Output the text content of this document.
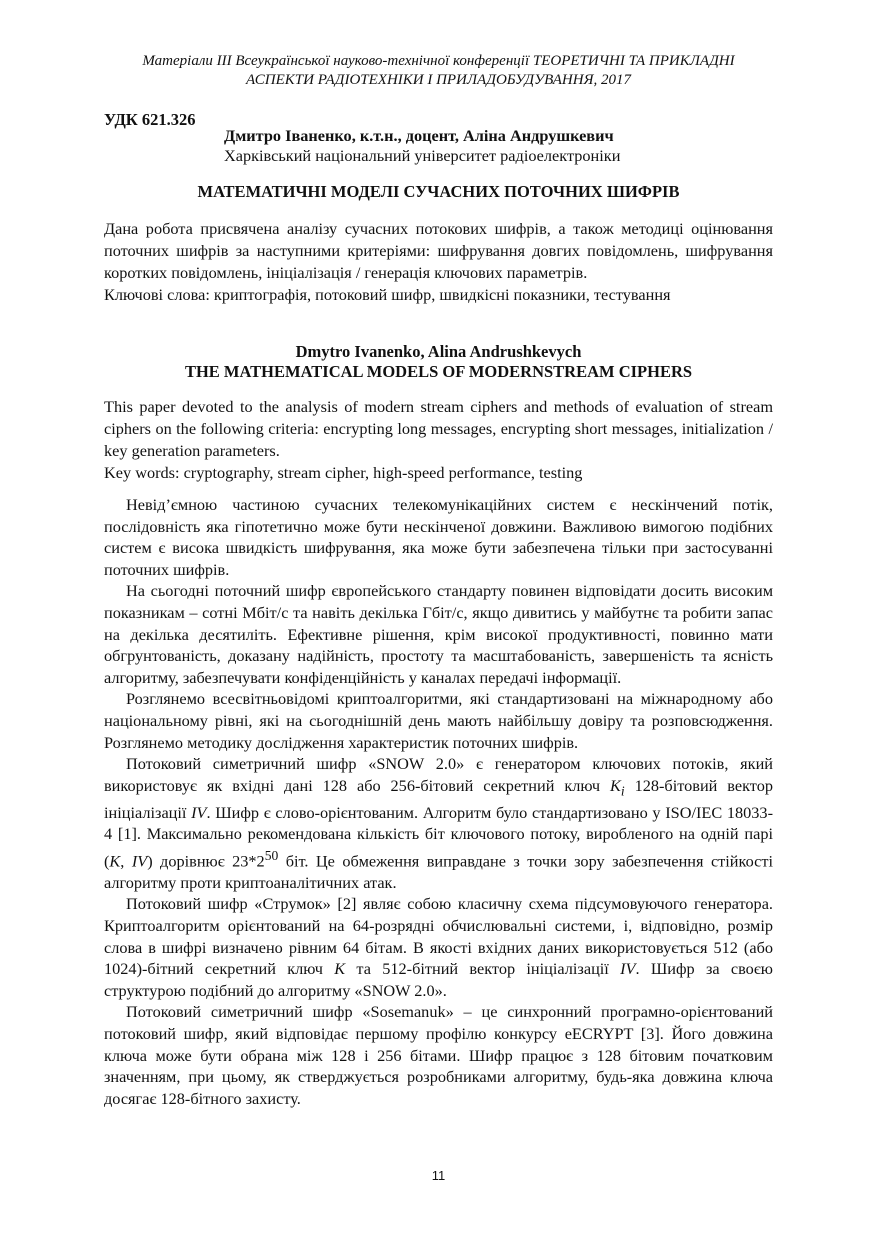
Матеріали ІІІ Всеукраїнської науково-технічної конференції ТЕОРЕТИЧНІ ТА ПРИКЛАДНІ
АСПЕКТИ РАДІОТЕХНІКИ І ПРИЛАДОБУДУВАННЯ, 2017
УДК 621.326
Дмитро Іваненко, к.т.н., доцент, Аліна Андрушкевич
Харківський національний університет радіоелектроніки
МАТЕМАТИЧНІ МОДЕЛІ СУЧАСНИХ ПОТОЧНИХ ШИФРІВ

Дана робота присвячена аналізу сучасних потокових шифрів, а також методиці оцінювання поточних шифрів за наступними критеріями: шифрування довгих повідомлень, шифрування коротких повідомлень, ініціалізація / генерація ключових параметрів.

Ключові слова: криптографія, потоковий шифр, швидкісні показники, тестування

Dmytro Ivanenko, Alina Andrushkevych
THE MATHEMATICAL MODELS OF MODERNSTREAM CIPHERS

This paper devoted to the analysis of modern stream ciphers and methods of evaluation of stream ciphers on the following criteria: encrypting long messages, encrypting short messages, initialization / key generation parameters.

Key words: cryptography, stream cipher, high-speed performance, testing

Невід’ємною частиною сучасних телекомунікаційних систем є нескінчений потік, послідовність яка гіпотетично може бути нескінченої довжини. Важливою вимогою подібних систем є висока швидкість шифрування, яка може бути забезпечена тільки при застосуванні поточних шифрів.

На сьогодні поточний шифр європейського стандарту повинен відповідати досить високим показникам – сотні Мбіт/с та навіть декілька Гбіт/с, якщо дивитись у майбутнє та робити запас на декілька десятиліть. Ефективне рішення, крім високої продуктивності, повинно мати обгрунтованість, доказану надійність, простоту та масштабованість, завершеність та ясність алгоритму, забезпечувати конфіденційність у каналах передачі інформації.

Розглянемо всесвітньовідомі криптоалгоритми, які стандартизовані на міжнародному або національному рівні, які на сьогоднішній день мають найбільшу довіру та розповсюдження. Розглянемо методику дослідження характеристик поточних шифрів.

Потоковий симетричний шифр «SNOW 2.0» є генератором ключових потоків, який використовує як вхідні дані 128 або 256-бітовий секретний ключ $K_i$ 128-бітовий вектор ініціалізації IV. Шифр є слово-орієнтованим. Алгоритм було стандартизовано у ISO/IEC 18033-4 [1]. Максимально рекомендована кількість біт ключового потоку, виробленого на одній парі (K, IV) дорівнює $23*2^{50}$ біт. Це обмеження виправдане з точки зору забезпечення стійкості алгоритму проти криптоаналітичних атак.

Потоковий шифр «Струмок» [2] являє собою класичну схема підсумовуючого генератора. Криптоалгоритм орієнтований на 64-розрядні обчислювальні системи, і, відповідно, розмір слова в шифрі визначено рівним 64 бітам. В якості вхідних даних використовується 512 (або 1024)-бітний секретний ключ K та 512-бітний вектор ініціалізації IV. Шифр за своєю структурою подібний до алгоритму «SNOW 2.0».

Потоковий симетричний шифр «Sosemanuk» – це синхронний програмно-орієнтований потоковий шифр, який відповідає першому профілю конкурсу eECRYPT [3]. Його довжина ключа може бути обрана між 128 і 256 бітами. Шифр працює з 128 бітовим початковим значенням, при цьому, як стверджується розробниками алгоритму, будь-яка довжина ключа досягає 128-бітного захисту.

11
